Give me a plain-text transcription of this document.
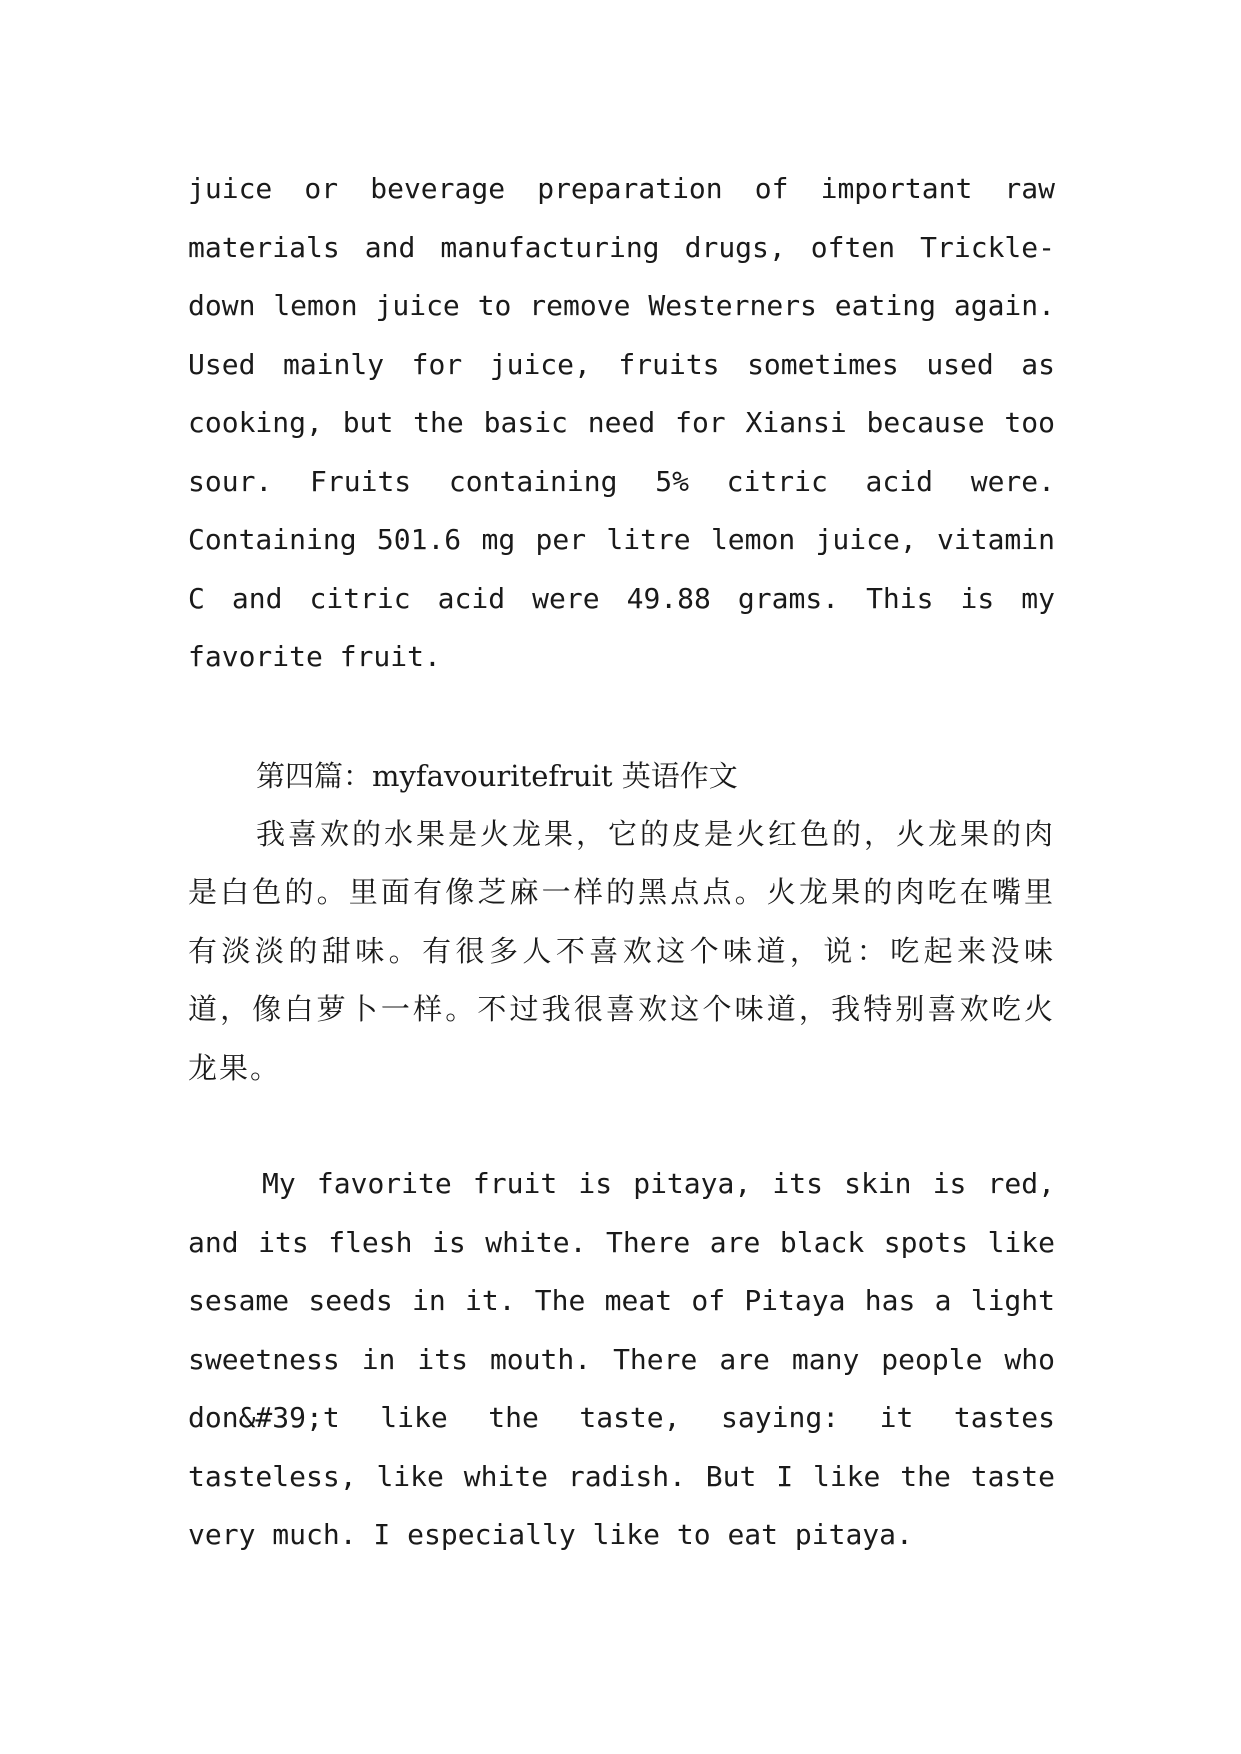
juice or beverage preparation of important raw materials and manufacturing drugs, often Trickle-down lemon juice to remove Westerners eating again. Used mainly for juice, fruits sometimes used as cooking, but the basic need for Xiansi because too sour. Fruits containing 5% citric acid were. Containing 501.6 mg per litre lemon juice, vitamin C and citric acid were 49.88 grams. This is my favorite fruit.

第四篇：myfavouritefruit 英语作文

我喜欢的水果是火龙果，它的皮是火红色的，火龙果的肉是白色的。里面有像芝麻一样的黑点点。火龙果的肉吃在嘴里有淡淡的甜味。有很多人不喜欢这个味道，说：吃起来没味道，像白萝卜一样。不过我很喜欢这个味道，我特别喜欢吃火龙果。

My favorite fruit is pitaya, its skin is red, and its flesh is white. There are black spots like sesame seeds in it. The meat of Pitaya has a light sweetness in its mouth. There are many people who don&#39;t like the taste, saying: it tastes tasteless, like white radish. But I like the taste very much. I especially like to eat pitaya.
